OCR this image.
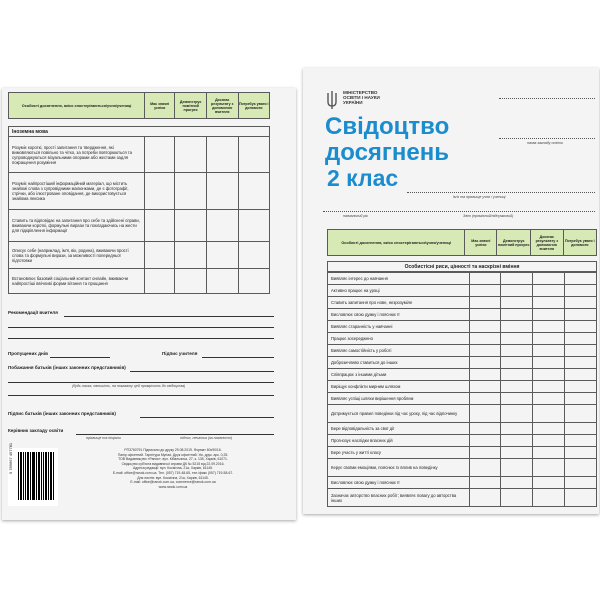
Особисті досягнення, якісо спостерігаються\учня/учениці	Має значні успіхи	Демонструє помітний прогрес	Досягає результату з допомогою вчителя	Потребує уваги і допомоги

Іноземна мова				
Розуміє короткі, прості запитання та твердження, які вимовляються повільно та чітко, за потреби повторюються та супроводжуються візуальними опорами або жестами задля покращення розуміння				
Розуміє найпростіший інформаційний матеріал, що містить знайомі слова з супровідними малюнками, де є фотографії, стрічки, або ілюстроване оповідання, де використовується знайома лексика				
Ставить та відповідає на запитання про себе та здійснені справи, вживаючи короткі, формульні вирази та покладаючись на жести для підкріплення інформації				
Описує себе (наприклад, ім'я, вік, родина), вживаючи прості слова та формульні вирази, за можливості попередньої підготовки				
Встановлює базовий соціальний контакт онлайн, вживаючи найпростіші ввічливі форми вітання та прощання				
Рекомендації вчителя
Пропущених днів	Підпис учителя
Побажання батьків (інших законних представників)
(будь ласка, напишіть, на показату цей промріхить до свідоцтва)
Підпис батьків (інших законних представників)
Керівник закладу освіти
прізвище та ініціали	підпис, печатка (за наявності)
9 789667 497781	РП3760791 Підписано до друку 29.08.2019. Формат 60х90/16.
Папір офсетний. Гарнітура Myriad. Друк офсетний. Ум. друк. арк. 0,25.
ТОВ Видавництво «Ранок». вул. Кібальчича, 27, к. 135, Харків, 61071.
Свідоцтво суб'єкта видавничої справи ДК № 5215 від 22.09.2016.
Адреса редакції: вул. Космічна, 21а, Харків, 61145.
E-mail: office@ranok.com.ua. Тел. (057) 719-48-65, тел./факс (057) 719-58-67.
Для листів: вул. Космічна, 21а, Харків, 61145.
E-mail: office@ranok.com.ua, commerce@ranok.com.ua
www.ranok.com.ua
МІНІСТЕРСТВО ОСВІТИ І НАУКИ УКРАЇНИ
назва закладу освіти
Свідоцтво
досягнень
2 клас
Ім'я та прізвище учня / учениці
навчальний рік	Звіт (проміжний/підсумковий)
Особисті досягнення, якісо спостерігаються\учня/учениці	Має значні успіхи	Демонструє помітний прогрес	Досягає результату з допомогою вчителя	Потребує уваги і допомоги

Особистісні риси, цінності та наскрізні вміння
Виявляє інтерес до навчання				
Активно працює на уроці				
Ставить запитання про нове, незрозуміле				
Висловлює свою думку і пояснює її				
Виявляє старанність у навчанні				
Працює зосереджено				
Виявляє самостійність у роботі				
Доброзичливо ставиться до інших				
Співпрацює з іншими дітьми				
Виріщує конфлікти мирним шляхом				
Виявляє успіщі шляхи вирішення проблем				
Дотримується правил поведінки під час уроку, під час відпочинку				
Бере відповідальність за свої дії				
Прогнозує наслідки власних дій				
Бере участь у житті класу				
Керує своїми емоціями, пояснює їх вплив на поведінку				
Висловлює свою думку і пояснює її				
Зазначає авторство власних робіт; виявляє повагу до авторства інших				
